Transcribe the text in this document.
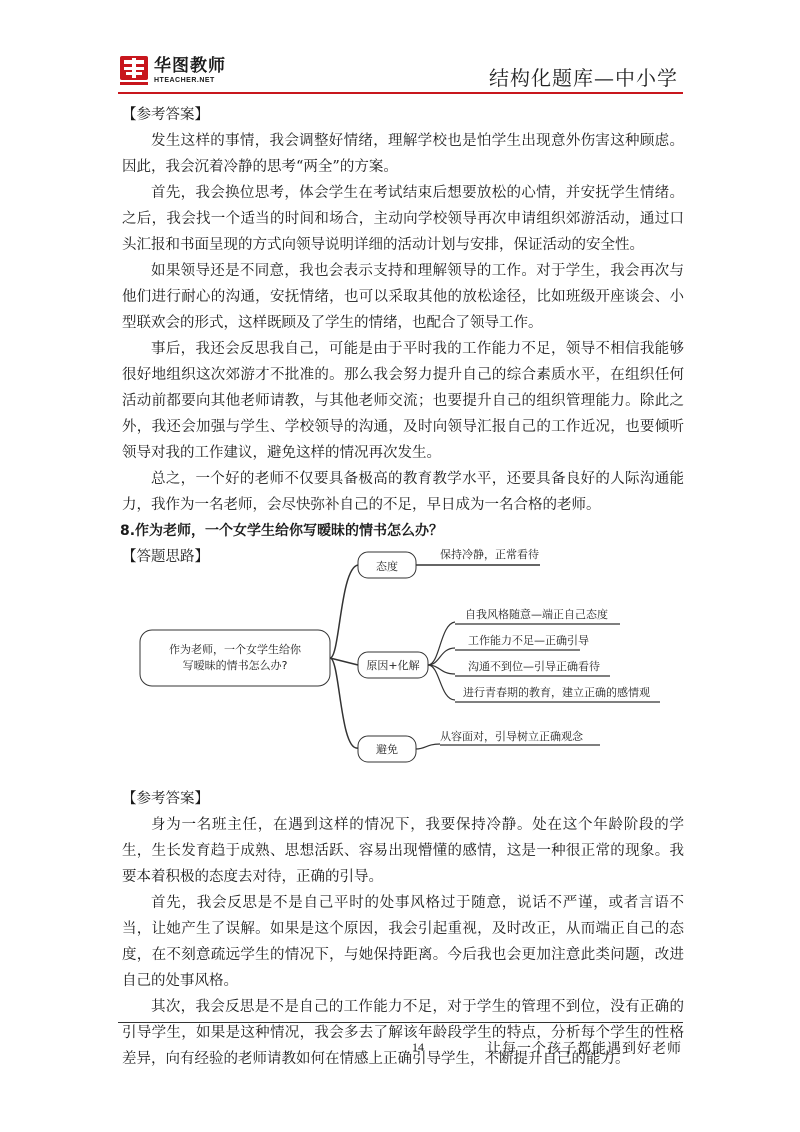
华图教师
HTEACHER.NET	结构化题库—中小学

【参考答案】

发生这样的事情，我会调整好情绪，理解学校也是怕学生出现意外伤害这种顾虑。因此，我会沉着冷静的思考“两全”的方案。

首先，我会换位思考，体会学生在考试结束后想要放松的心情，并安抚学生情绪。之后，我会找一个适当的时间和场合，主动向学校领导再次申请组织郊游活动，通过口头汇报和书面呈现的方式向领导说明详细的活动计划与安排，保证活动的安全性。

如果领导还是不同意，我也会表示支持和理解领导的工作。对于学生，我会再次与他们进行耐心的沟通，安抚情绪，也可以采取其他的放松途径，比如班级开座谈会、小型联欢会的形式，这样既顾及了学生的情绪，也配合了领导工作。

事后，我还会反思我自己，可能是由于平时我的工作能力不足，领导不相信我能够很好地组织这次郊游才不批准的。那么我会努力提升自己的综合素质水平，在组织任何活动前都要向其他老师请教，与其他老师交流；也要提升自己的组织管理能力。除此之外，我还会加强与学生、学校领导的沟通，及时向领导汇报自己的工作近况，也要倾听领导对我的工作建议，避免这样的情况再次发生。

总之，一个好的老师不仅要具备极高的教育教学水平，还要具备良好的人际沟通能力，我作为一名老师，会尽快弥补自己的不足，早日成为一名合格的老师。

8.作为老师，一个女学生给你写暧昧的情书怎么办？

【答题思路】

作为老师，一个女学生给你
写暧昧的情书怎么办?
态度
保持冷静，正常看待
原因+化解
自我风格随意—端正自己态度
工作能力不足—正确引导
沟通不到位—引导正确看待
进行青春期的教育，建立正确的感情观
避免
从容面对，引导树立正确观念

【参考答案】

身为一名班主任，在遇到这样的情况下，我要保持冷静。处在这个年龄阶段的学生，生长发育趋于成熟、思想活跃、容易出现懵懂的感情，这是一种很正常的现象。我要本着积极的态度去对待，正确的引导。

首先，我会反思是不是自己平时的处事风格过于随意，说话不严谨，或者言语不当，让她产生了误解。如果是这个原因，我会引起重视，及时改正，从而端正自己的态度，在不刻意疏远学生的情况下，与她保持距离。今后我也会更加注意此类问题，改进自己的处事风格。

其次，我会反思是不是自己的工作能力不足，对于学生的管理不到位，没有正确的引导学生，如果是这种情况，我会多去了解该年龄段学生的特点，分析每个学生的性格差异，向有经验的老师请教如何在情感上正确引导学生，不断提升自己的能力。

14	让每一个孩子都能遇到好老师
